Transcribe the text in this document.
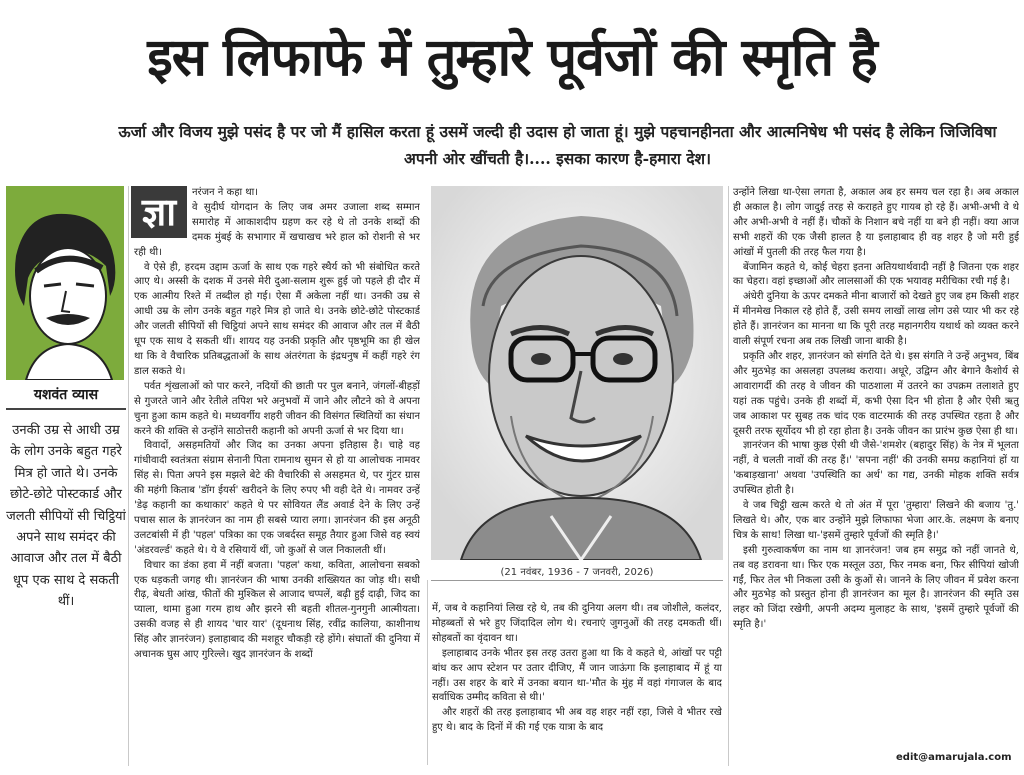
इस लिफाफे में तुम्हारे पूर्वजों की स्मृति है
ऊर्जा और विजय मुझे पसंद है पर जो मैं हासिल करता हूं उसमें जल्दी ही उदास हो जाता हूं। मुझे पहचानहीनता और आत्मनिषेध भी पसंद है लेकिन जिजिविषा अपनी ओर खींचती है।.... इसका कारण है-हमारा देश।
यशवंत व्यास
उनकी उम्र से आधी उम्र के लोग उनके बहुत गहरे मित्र हो जाते थे। उनके छोटे-छोटे पोस्टकार्ड और जलती सीपियों सी चिट्ठियां अपने साथ समंदर की आवाज और तल में बैठी धूप एक साथ दे सकती थीं।
ज्ञा	नरंजन ने कहा था।

वे सुदीर्घ योगदान के लिए जब अमर उजाला शब्द सम्मान समारोह में आकाशदीप ग्रहण कर रहे थे तो उनके शब्दों की दमक मुंबई के सभागार में खचाखच भरे हाल को रोशनी से भर रही थी।

वे ऐसे ही, हरदम उद्दाम ऊर्जा के साथ एक गहरे स्थैर्य को भी संबोधित करते आए थे। अस्सी के दशक में उनसे मेरी दुआ-सलाम शुरू हुई जो पहले ही दौर में एक आत्मीय रिश्ते में तब्दील हो गई। ऐसा मैं अकेला नहीं था। उनकी उम्र से आधी उम्र के लोग उनके बहुत गहरे मित्र हो जाते थे। उनके छोटे-छोटे पोस्टकार्ड और जलती सीपियों सी चिट्ठियां अपने साथ समंदर की आवाज और तल में बैठी धूप एक साथ दे सकती थीं। शायद यह उनकी प्रकृति और पृष्ठभूमि का ही खेल था कि वे वैचारिक प्रतिबद्धताओं के साथ अंतरंगता के इंद्रधनुष में कहीं गहरे रंग डाल सकते थे।

पर्वत शृंखलाओं को पार करने, नदियों की छाती पर पुल बनाने, जंगलों-बीहड़ों से गुजरते जाने और रेतीले तपिश भरे अनुभवों में जाने और लौटने को वे अपना चुना हुआ काम कहते थे। मध्यवर्गीय शहरी जीवन की विसंगत स्थितियों का संधान करने की शक्ति से उन्होंने साठोत्तरी कहानी को अपनी ऊर्जा से भर दिया था।

विवादों, असहमतियों और जिद का उनका अपना इतिहास है। चाहे वह गांधीवादी स्वतंत्रता संग्राम सेनानी पिता रामनाथ सुमन से हो या आलोचक नामवर सिंह से। पिता अपने इस मझले बेटे की वैचारिकी से असहमत थे, पर गुंटर ग्रास की महंगी किताब 'डॉग ईयर्स' खरीदने के लिए रुपए भी वही देते थे। नामवर उन्हें 'डेढ़ कहानी का कथाकार' कहते थे पर सोवियत लैंड अवार्ड देने के लिए उन्हें पचास साल के ज्ञानरंजन का नाम ही सबसे प्यारा लगा। ज्ञानरंजन की इस अनूठी उलटबांसी में ही 'पहल' पत्रिका का एक जबर्दस्त समूह तैयार हुआ जिसे वह स्वयं 'अंडरवर्ल्ड' कहते थे। ये वे रसियायें थीं, जो कुओं से जल निकालती थीं।

विचार का डंका हवा में नहीं बजता। 'पहल' कथा, कविता, आलोचना सबको एक धड़कती जगह थी। ज्ञानरंजन की भाषा उनकी शख्सियत का जोड़ थी। सधी रीढ़, बेधती आंख, फीतों की मुश्किल से आजाद चप्पलें, बढ़ी हुई दाढ़ी, जिद का प्याला, थामा हुआ गरम हाथ और झरने सी बहती शीतल-गुनगुनी आत्मीयता। उसकी वजह से ही शायद 'चार यार' (दूधनाथ सिंह, रवींद्र कालिया, काशीनाथ सिंह और ज्ञानरंजन) इलाहाबाद की मशहूर चौकड़ी रहे होंगे। संघातों की दुनिया में अचानक घुस आए गुरिल्ले। खुद ज्ञानरंजन के शब्दों

(21 नवंबर, 1936 - 7 जनवरी, 2026)

में, जब वे कहानियां लिख रहे थे, तब की दुनिया अलग थी। तब जोशीले, कलंदर, मोहब्बतों से भरे हुए जिंदादिल लोग थे। रचनाएं जुगनुओं की तरह दमकती थीं। सोहबतों का वृंदावन था।

इलाहाबाद उनके भीतर इस तरह उतरा हुआ था कि वे कहते थे, आंखों पर पट्टी बांध कर आप स्टेशन पर उतार दीजिए, मैं जान जाऊंगा कि इलाहाबाद में हूं या नहीं। उस शहर के बारे में उनका बयान था-'मौत के मुंह में वहां गंगाजल के बाद सर्वाधिक उम्मीद कविता से थी।'

और शहरों की तरह इलाहाबाद भी अब वह शहर नहीं रहा, जिसे वे भीतर रखे हुए थे। बाद के दिनों में की गई एक यात्रा के बाद

उन्होंने लिखा था-ऐसा लगता है, अकाल अब हर समय चल रहा है। अब अकाल ही अकाल है। लोग जादुई तरह से कराहते हुए गायब हो रहे हैं। अभी-अभी वे थे और अभी-अभी वे नहीं हैं। चौकों के निशान बचे नहीं या बने ही नहीं। क्या आज सभी शहरों की एक जैसी हालत है या इलाहाबाद ही वह शहर है जो मरी हुई आंखों में पुतली की तरह फैल गया है।

बेंजामिन कहते थे, कोई चेहरा इतना अतियथार्थवादी नहीं है जितना एक शहर का चेहरा। वहां इच्छाओं और लालसाओं की एक भयावह मरीचिका रची गई है।

अंधेरी दुनिया के ऊपर दमकते मीना बाजारों को देखते हुए जब हम किसी शहर में मीनमेख निकाल रहे होते हैं, उसी समय लाखों लाख लोग उसे प्यार भी कर रहे होते हैं। ज्ञानरंजन का मानना था कि पूरी तरह महानगरीय यथार्थ को व्यक्त करने वाली संपूर्ण रचना अब तक लिखी जाना बाकी है।

प्रकृति और शहर, ज्ञानरंजन को संगति देते थे। इस संगति ने उन्हें अनुभव, बिंब और मुठभेड़ का असलहा उपलब्ध कराया। अधूरे, उद्विग्न और बेगाने कैशोर्य से आवारागर्दी की तरह वे जीवन की पाठशाला में उतरने का उपक्रम तलाशते हुए यहां तक पहुंचे। उनके ही शब्दों में, कभी ऐसा दिन भी होता है और ऐसी ऋतु जब आकाश पर सुबह तक चांद एक वाटरमार्क की तरह उपस्थित रहता है और दूसरी तरफ सूर्योदय भी हो रहा होता है। उनके जीवन का प्रारंभ कुछ ऐसा ही था।

ज्ञानरंजन की भाषा कुछ ऐसी थी जैसे-'शमशेर (बहादुर सिंह) के नेत्र में भूलता नहीं, वे चलती नावों की तरह हैं।' 'सपना नहीं' की उनकी समग्र कहानियां हों या 'कबाड़खाना' अथवा 'उपस्थिति का अर्थ' का गद्य, उनकी मोहक शक्ति सर्वत्र उपस्थित होती है।

वे जब चिट्ठी खत्म करते थे तो अंत में पूरा 'तुम्हारा' लिखने की बजाय 'तु.' लिखते थे। और, एक बार उन्होंने मुझे लिफाफा भेजा आर.के. लक्ष्मण के बनाए चित्र के साथ! लिखा था-'इसमें तुम्हारे पूर्वजों की स्मृति है।'

इसी गुरुत्वाकर्षण का नाम था ज्ञानरंजन! जब हम समुद्र को नहीं जानते थे, तब वह डरावना था। फिर एक मस्तूल उठा, फिर नमक बना, फिर सीपियां खोजी गईं, फिर तेल भी निकला उसी के कुओं से। जानने के लिए जीवन में प्रवेश करना और मुठभेड़ को प्रस्तुत होना ही ज्ञानरंजन का मूल है। ज्ञानरंजन की स्मृति उस लहर को जिंदा रखेगी, अपनी अदम्य मुलाहट के साथ, 'इसमें तुम्हारे पूर्वजों की स्मृति है।'

edit@amarujala.com
